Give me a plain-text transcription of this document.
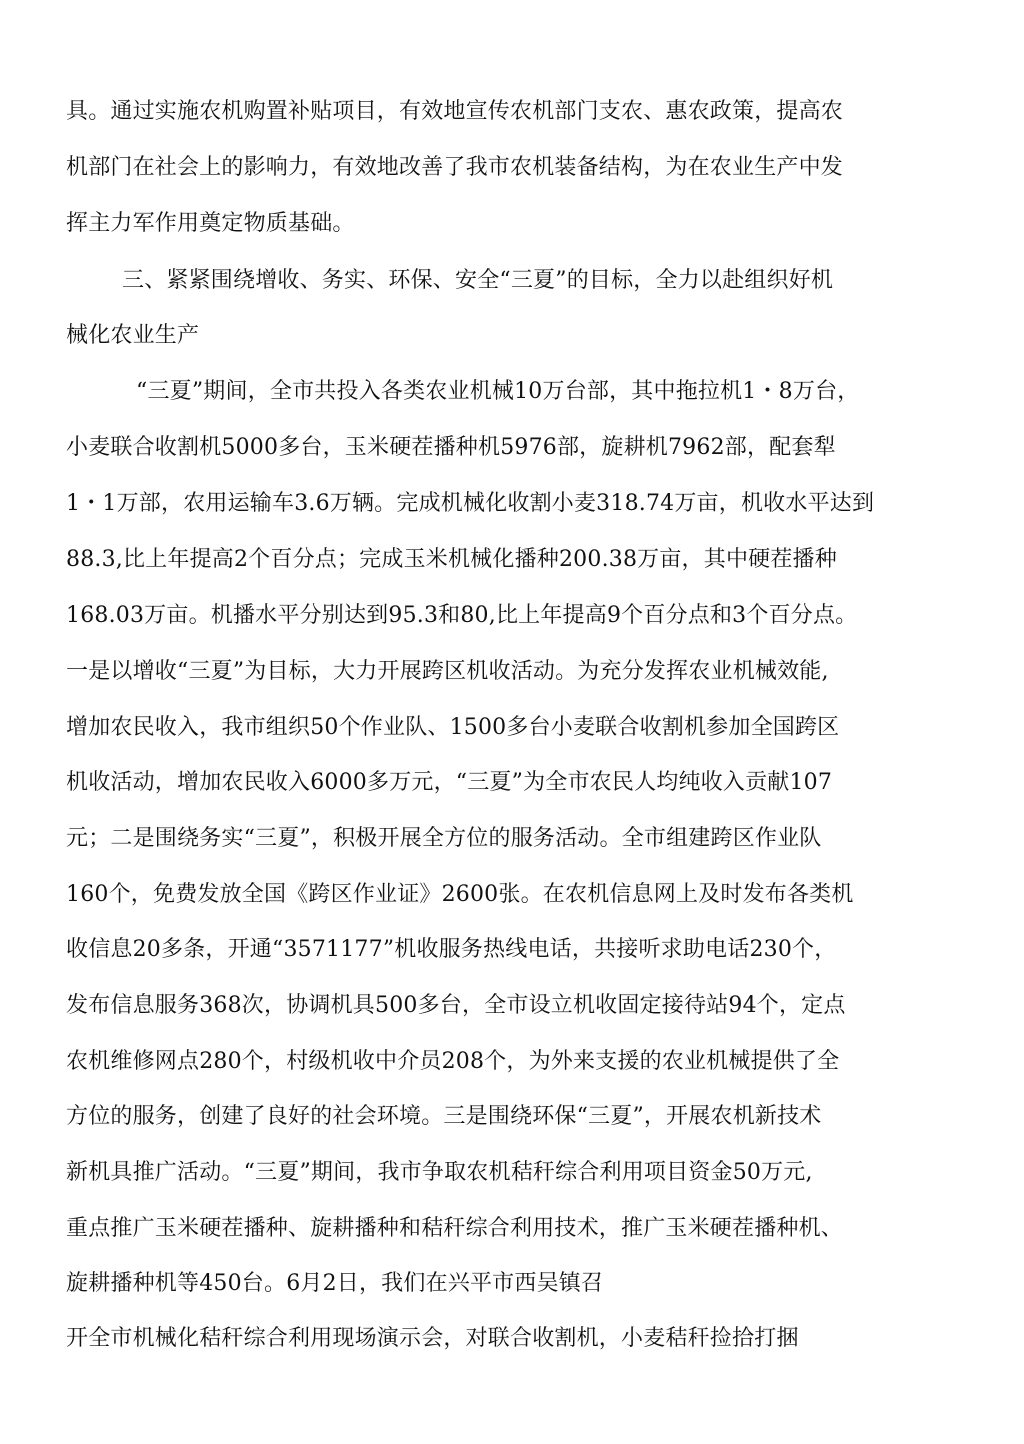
具。通过实施农机购置补贴项目，有效地宣传农机部门支农、惠农政策，提高农
机部门在社会上的影响力，有效地改善了我市农机装备结构，为在农业生产中发
挥主力军作用奠定物质基础。
三、紧紧围绕增收、务实、环保、安全“三夏”的目标，全力以赴组织好机
械化农业生产
“三夏”期间，全市共投入各类农业机械10万台部，其中拖拉机1・8万台，
小麦联合收割机5000多台，玉米硬茬播种机5976部，旋耕机7962部，配套犁
1・1万部，农用运输车3.6万辆。完成机械化收割小麦318.74万亩，机收水平达到
88.3,比上年提高2个百分点；完成玉米机械化播种200.38万亩，其中硬茬播种
168.03万亩。机播水平分别达到95.3和80,比上年提高9个百分点和3个百分点。
一是以增收“三夏”为目标，大力开展跨区机收活动。为充分发挥农业机械效能,
增加农民收入，我市组织50个作业队、1500多台小麦联合收割机参加全国跨区
机收活动，增加农民收入6000多万元，“三夏”为全市农民人均纯收入贡献107
元；二是围绕务实“三夏”，积极开展全方位的服务活动。全市组建跨区作业队
160个，免费发放全国《跨区作业证》2600张。在农机信息网上及时发布各类机
收信息20多条，开通“3571177”机收服务热线电话，共接听求助电话230个，
发布信息服务368次，协调机具500多台，全市设立机收固定接待站94个，定点
农机维修网点280个，村级机收中介员208个，为外来支援的农业机械提供了全
方位的服务，创建了良好的社会环境。三是围绕环保“三夏”，开展农机新技术
新机具推广活动。“三夏”期间，我市争取农机秸秆综合利用项目资金50万元,
重点推广玉米硬茬播种、旋耕播种和秸秆综合利用技术，推广玉米硬茬播种机、
旋耕播种机等450台。6月2日，我们在兴平市西吴镇召
开全市机械化秸秆综合利用现场演示会，对联合收割机，小麦秸秆捡拾打捆
